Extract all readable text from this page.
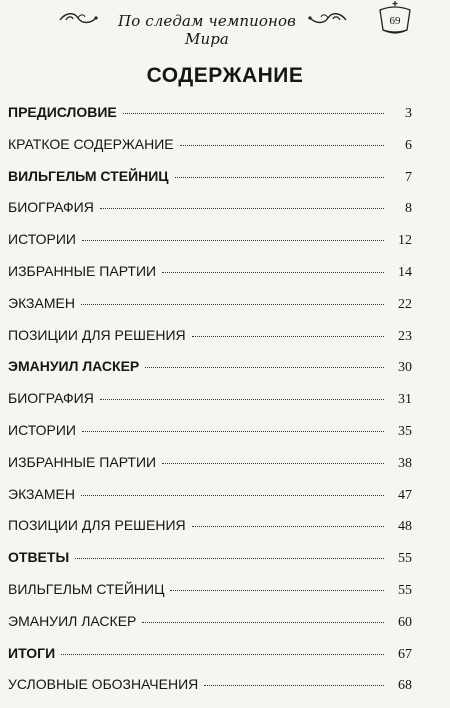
По следам чемпионов Мира
69
СОДЕРЖАНИЕ
ПРЕДИСЛОВИЕ	3
КРАТКОЕ СОДЕРЖАНИЕ	6
ВИЛЬГЕЛЬМ СТЕЙНИЦ	7
БИОГРАФИЯ	8
ИСТОРИИ	12
ИЗБРАННЫЕ ПАРТИИ	14
ЭКЗАМЕН	22
ПОЗИЦИИ ДЛЯ РЕШЕНИЯ	23
ЭМАНУИЛ ЛАСКЕР	30
БИОГРАФИЯ	31
ИСТОРИИ	35
ИЗБРАННЫЕ ПАРТИИ	38
ЭКЗАМЕН	47
ПОЗИЦИИ ДЛЯ РЕШЕНИЯ	48
ОТВЕТЫ	55
ВИЛЬГЕЛЬМ СТЕЙНИЦ	55
ЭМАНУИЛ ЛАСКЕР	60
ИТОГИ	67
УСЛОВНЫЕ ОБОЗНАЧЕНИЯ	68
